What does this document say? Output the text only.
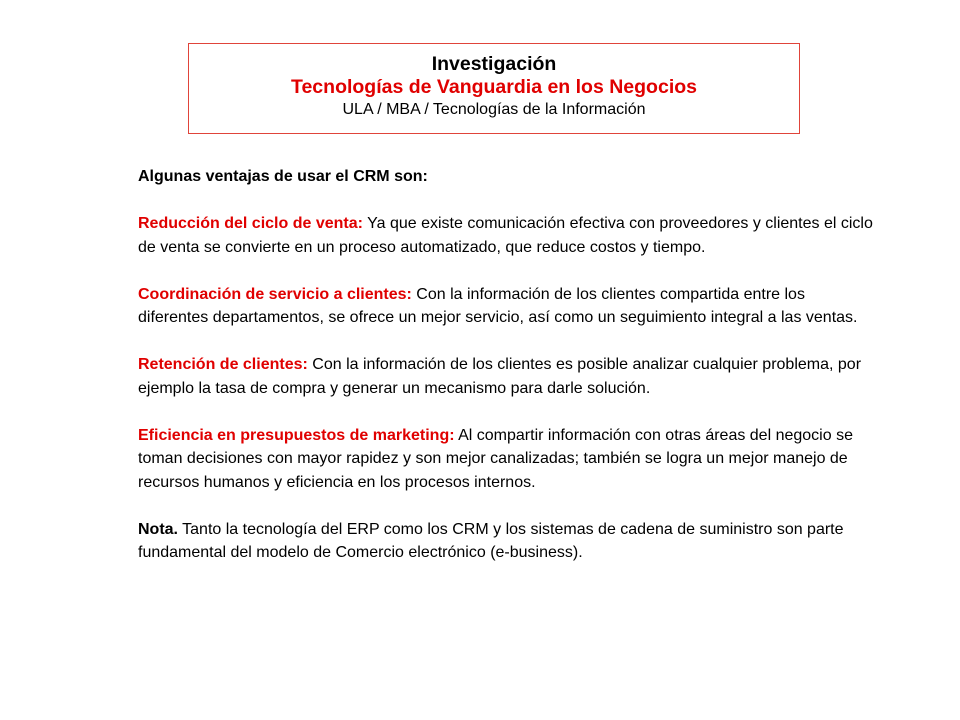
Investigación
Tecnologías de Vanguardia en los Negocios
ULA / MBA / Tecnologías de la Información

Algunas ventajas de usar el CRM son:

Reducción del ciclo de venta: Ya que existe comunicación efectiva con proveedores y clientes el ciclo de venta se convierte en un proceso automatizado, que reduce costos y tiempo.

Coordinación de servicio a clientes: Con la información de los clientes compartida entre los diferentes departamentos, se ofrece un mejor servicio, así como un seguimiento integral a las ventas.

Retención de clientes: Con la información de los clientes es posible analizar cualquier problema, por ejemplo la tasa de compra y generar un mecanismo para darle solución.

Eficiencia en presupuestos de marketing: Al compartir información con otras áreas del negocio se toman decisiones con mayor rapidez y son mejor canalizadas; también se logra un mejor manejo de recursos humanos y eficiencia en los procesos internos.

Nota. Tanto la tecnología del ERP como los CRM y los sistemas de cadena de suministro son parte fundamental del modelo de Comercio electrónico (e-business).
